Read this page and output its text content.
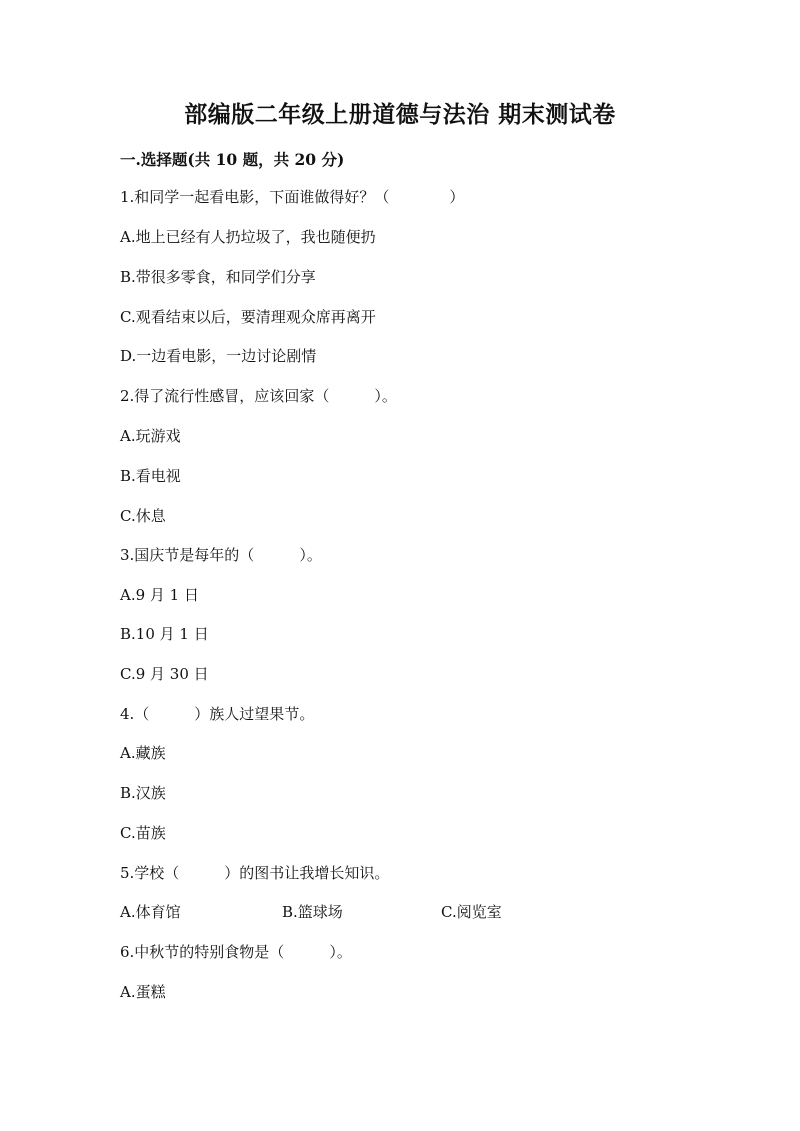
部编版二年级上册道德与法治 期末测试卷
一.选择题(共 10 题，共 20 分)
1.和同学一起看电影，下面谁做得好？（　　　　）
A.地上已经有人扔垃圾了，我也随便扔
B.带很多零食，和同学们分享
C.观看结束以后，要清理观众席再离开
D.一边看电影，一边讨论剧情
2.得了流行性感冒，应该回家（　　　）。
A.玩游戏
B.看电视
C.休息
3.国庆节是每年的（　　　）。
A.9 月 1 日
B.10 月 1 日
C.9 月 30 日
4.（　　　）族人过望果节。
A.藏族
B.汉族
C.苗族
5.学校（　　　）的图书让我增长知识。
A.体育馆	B.篮球场	C.阅览室
6.中秋节的特别食物是（　　　）。
A.蛋糕
